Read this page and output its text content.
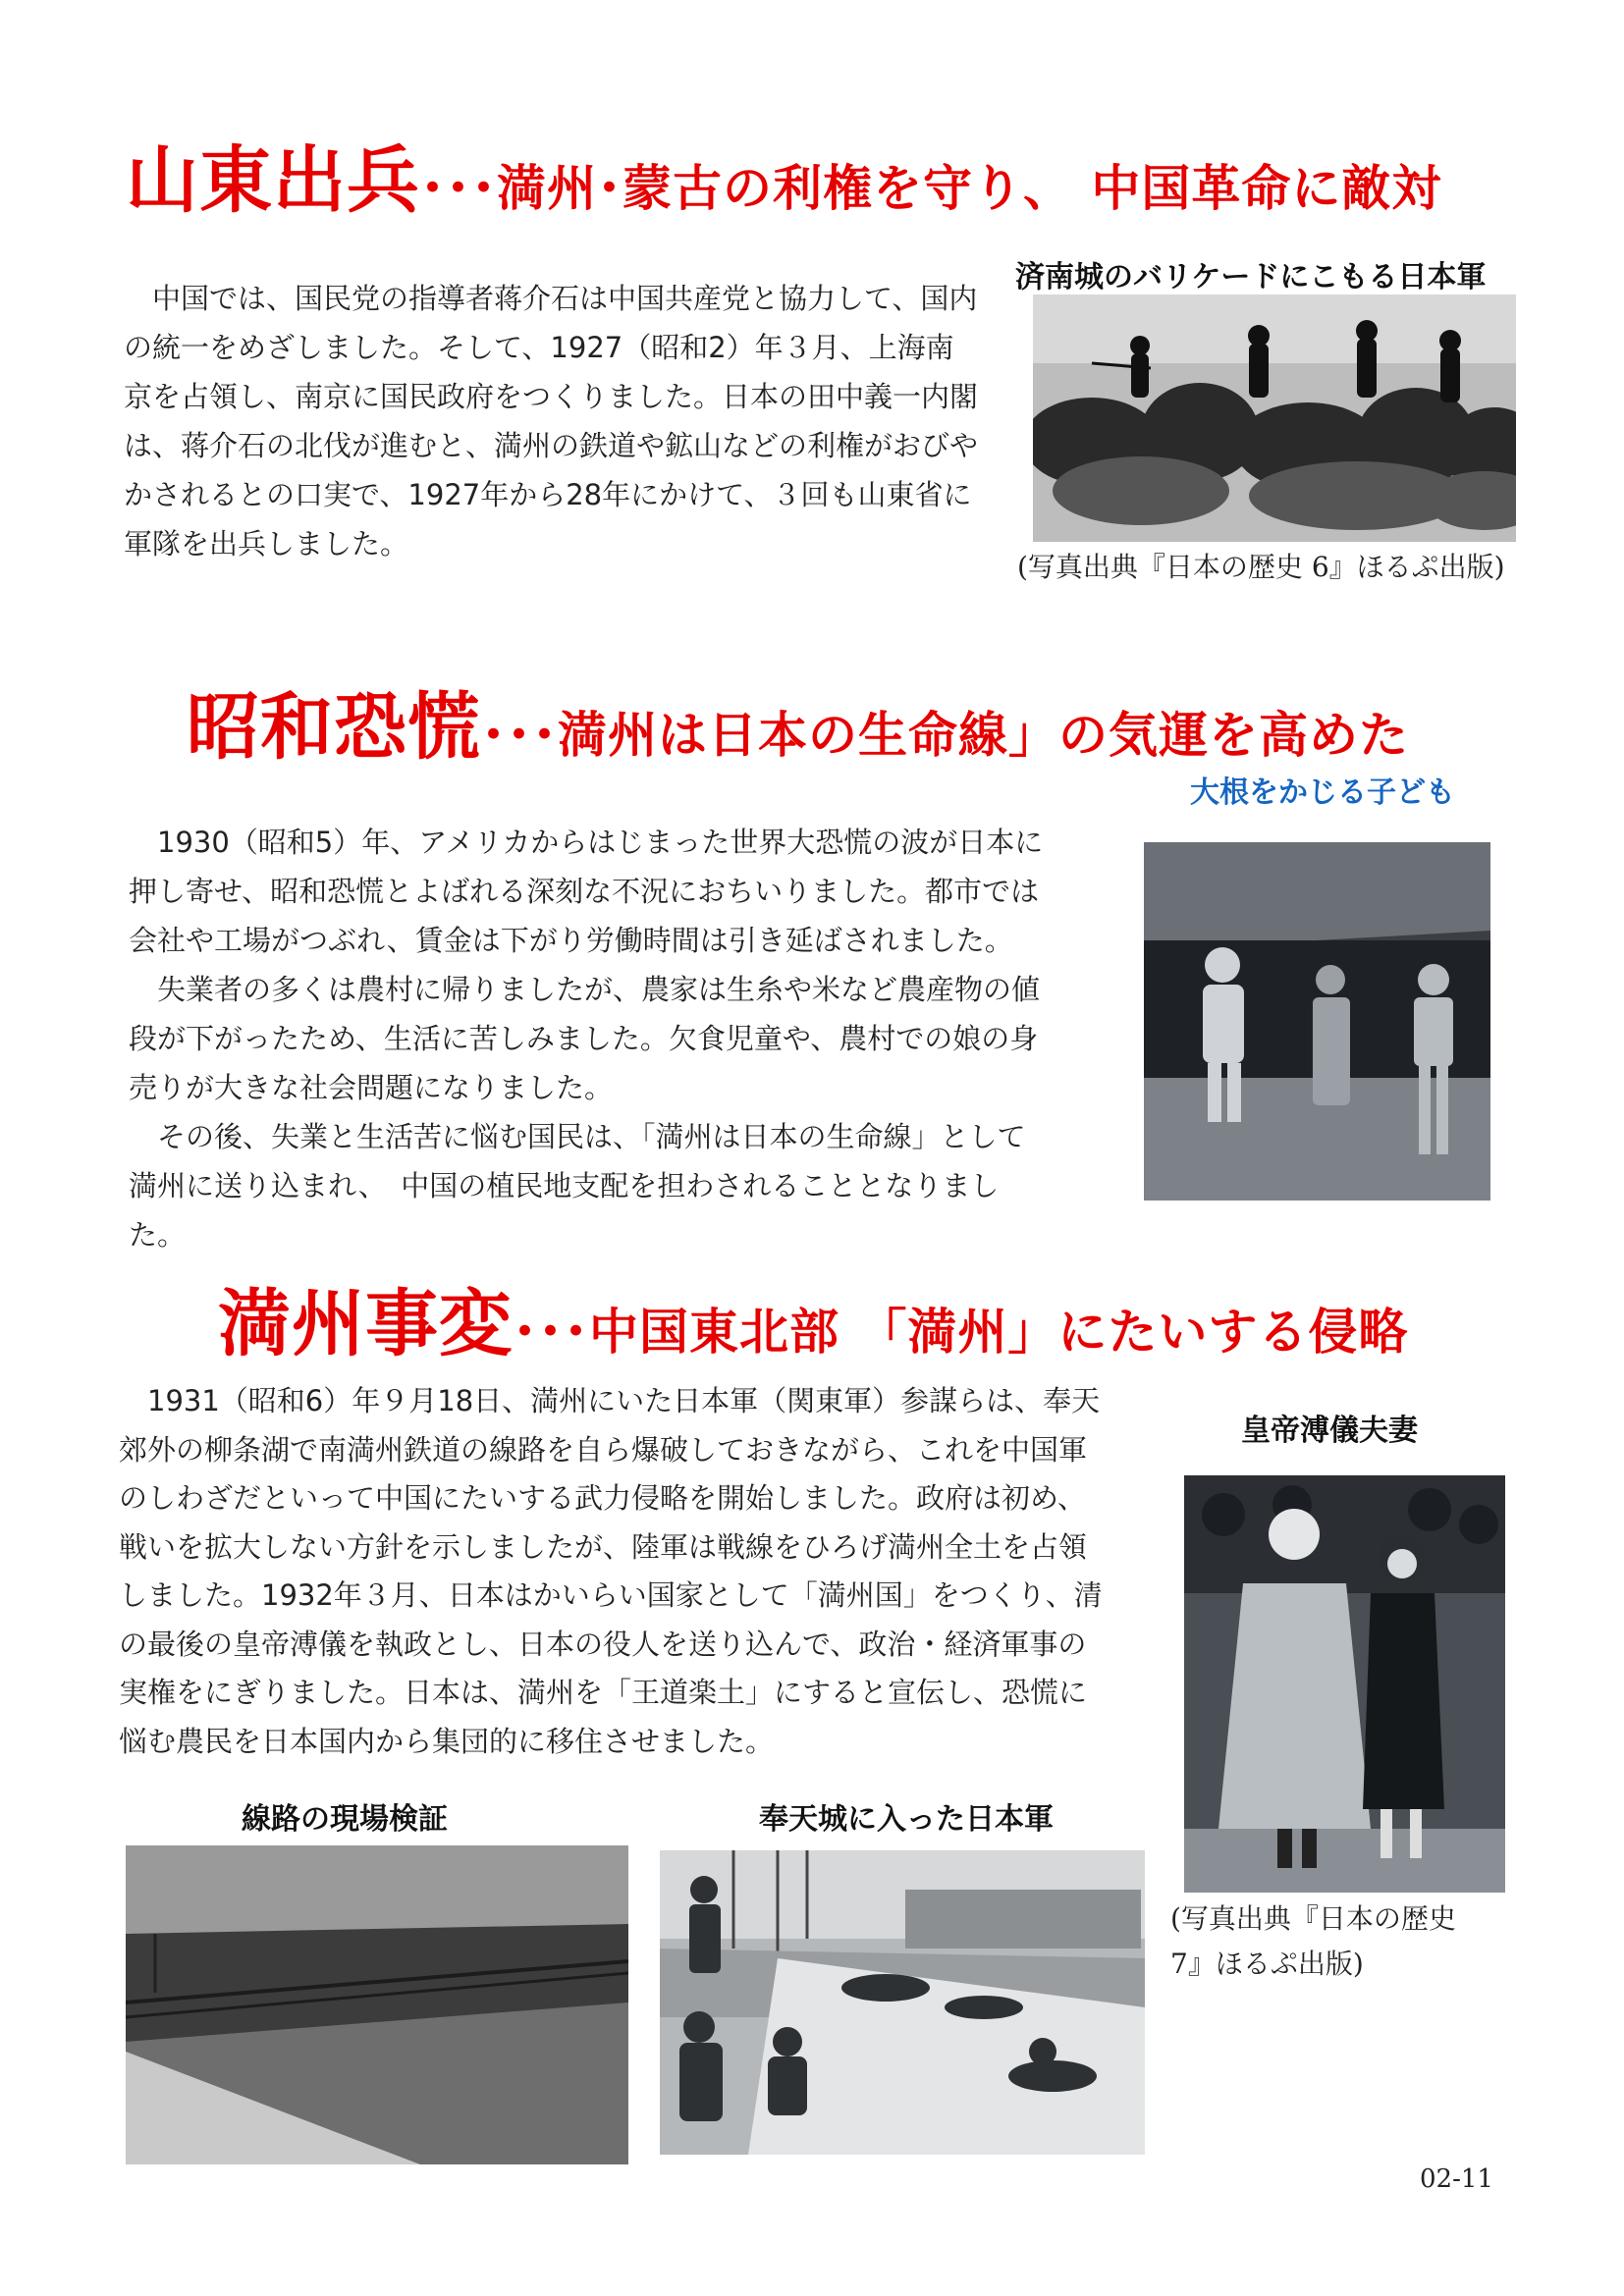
山東出兵･･･満州･蒙古の利権を守り、 中国革命に敵対

中国では、国民党の指導者蒋介石は中国共産党と協力して、国内の統一をめざしました。そして、1927（昭和2）年３月、上海南京を占領し、南京に国民政府をつくりました。日本の田中義一内閣は、蒋介石の北伐が進むと、満州の鉄道や鉱山などの利権がおびやかされるとの口実で、1927年から28年にかけて、３回も山東省に軍隊を出兵しました。

済南城のバリケードにこもる日本軍
(写真出典『日本の歴史 6』ほるぷ出版)
昭和恐慌･･･満州は日本の生命線」の気運を高めた
大根をかじる子ども

1930（昭和5）年、アメリカからはじまった世界大恐慌の波が日本に押し寄せ、昭和恐慌とよばれる深刻な不況におちいりました。都市では会社や工場がつぶれ、賃金は下がり労働時間は引き延ばされました。

失業者の多くは農村に帰りましたが、農家は生糸や米など農産物の値段が下がったため、生活に苦しみました。欠食児童や、農村での娘の身売りが大きな社会問題になりました。

その後、失業と生活苦に悩む国民は、「満州は日本の生命線」として満州に送り込まれ、　中国の植民地支配を担わされることとなりました。

満州事変･･･中国東北部 「満州」にたいする侵略

1931（昭和6）年９月18日、満州にいた日本軍（関東軍）参謀らは、奉天郊外の柳条湖で南満州鉄道の線路を自ら爆破しておきながら、これを中国軍のしわざだといって中国にたいする武力侵略を開始しました。政府は初め、戦いを拡大しない方針を示しましたが、陸軍は戦線をひろげ満州全土を占領しました。1932年３月、日本はかいらい国家として「満州国」をつくり、清の最後の皇帝溥儀を執政とし、日本の役人を送り込んで、政治・経済軍事の実権をにぎりました。日本は、満州を「王道楽土」にすると宣伝し、恐慌に悩む農民を日本国内から集団的に移住させました。

皇帝溥儀夫妻
(写真出典『日本の歴史
7』ほるぷ出版)
線路の現場検証	奉天城に入った日本軍
02-11
